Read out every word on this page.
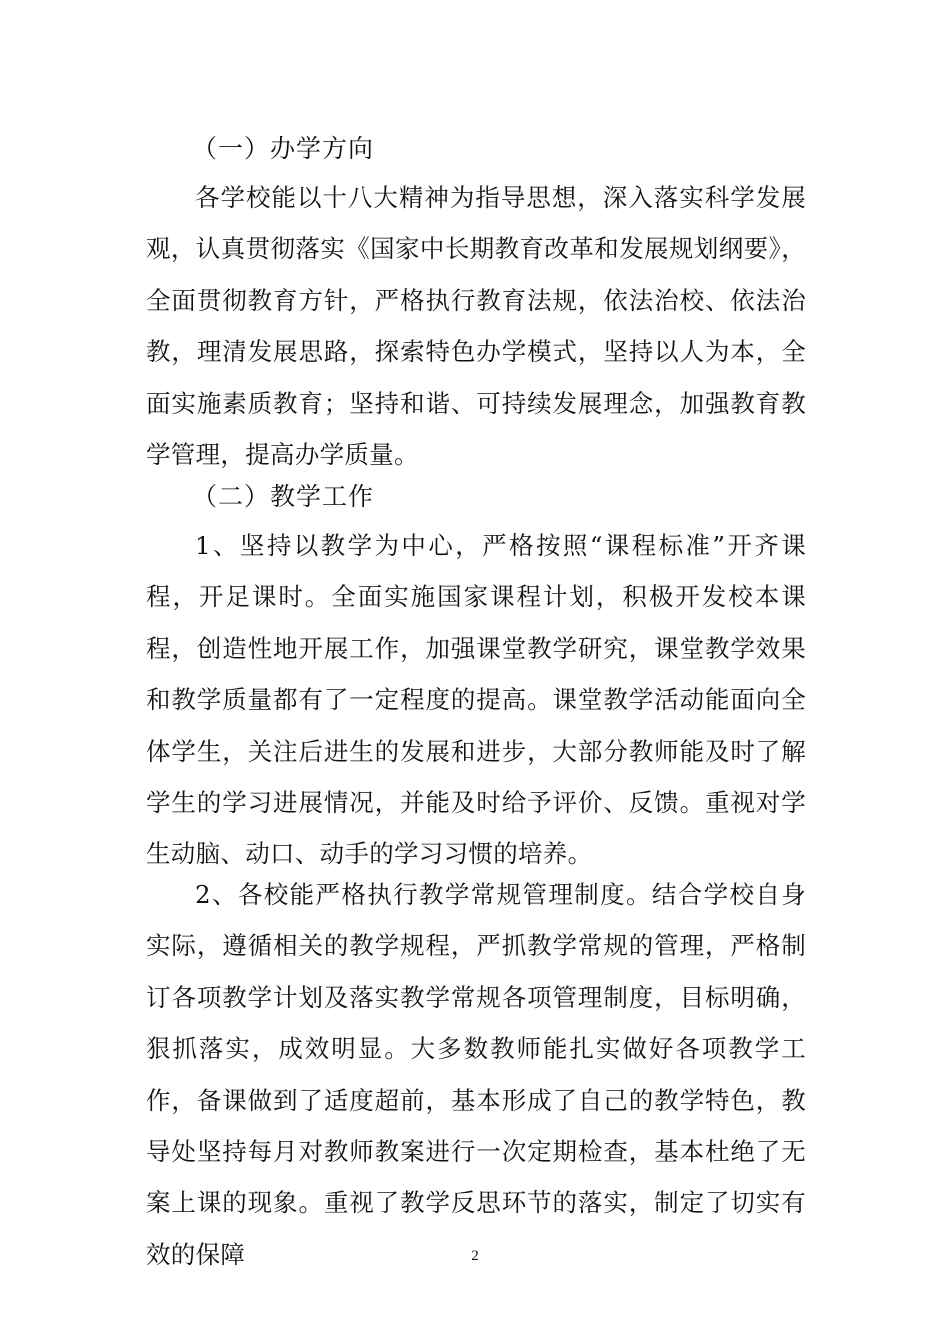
（一）办学方向

各学校能以十八大精神为指导思想，深入落实科学发展观，认真贯彻落实《国家中长期教育改革和发展规划纲要》，全面贯彻教育方针，严格执行教育法规，依法治校、依法治教，理清发展思路，探索特色办学模式，坚持以人为本，全面实施素质教育；坚持和谐、可持续发展理念，加强教育教学管理，提高办学质量。

（二）教学工作

1、坚持以教学为中心，严格按照“课程标准”开齐课程，开足课时。全面实施国家课程计划，积极开发校本课程，创造性地开展工作，加强课堂教学研究，课堂教学效果和教学质量都有了一定程度的提高。课堂教学活动能面向全体学生，关注后进生的发展和进步，大部分教师能及时了解学生的学习进展情况，并能及时给予评价、反馈。重视对学生动脑、动口、动手的学习习惯的培养。

2、各校能严格执行教学常规管理制度。结合学校自身实际，遵循相关的教学规程，严抓教学常规的管理，严格制订各项教学计划及落实教学常规各项管理制度，目标明确，狠抓落实，成效明显。大多数教师能扎实做好各项教学工作，备课做到了适度超前，基本形成了自己的教学特色，教导处坚持每月对教师教案进行一次定期检查，基本杜绝了无案上课的现象。重视了教学反思环节的落实，制定了切实有效的保障	2
